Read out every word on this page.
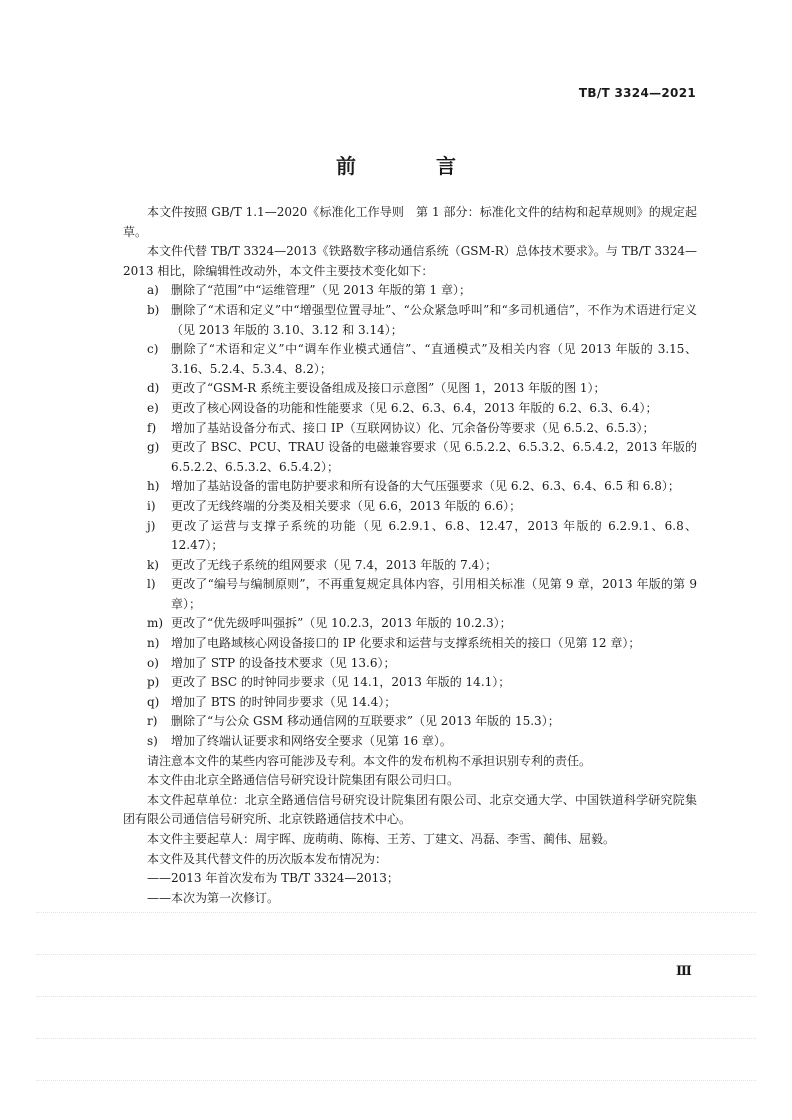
TB/T 3324—2021
前　言

本文件按照 GB/T 1.1—2020《标准化工作导则　第 1 部分：标准化文件的结构和起草规则》的规定起草。

本文件代替 TB/T 3324—2013《铁路数字移动通信系统（GSM-R）总体技术要求》。与 TB/T 3324—2013 相比，除编辑性改动外，本文件主要技术变化如下：

a)	删除了“范围”中“运维管理”（见 2013 年版的第 1 章）；
b) 删除了“术语和定义”中“增强型位置寻址”、“公众紧急呼叫”和“多司机通信”，不作为术语进行定义（见 2013 年版的 3.10、3.12 和 3.14）；
c)	删除了“术语和定义”中“调车作业模式通信”、“直通模式”及相关内容（见 2013 年版的 3.15、3.16、5.2.4、5.3.4、8.2）；
d) 更改了“GSM-R 系统主要设备组成及接口示意图”（见图 1，2013 年版的图 1）；
e)	更改了核心网设备的功能和性能要求（见 6.2、6.3、6.4，2013 年版的 6.2、6.3、6.4）；
f)	增加了基站设备分布式、接口 IP（互联网协议）化、冗余备份等要求（见 6.5.2、6.5.3）；
g) 更改了 BSC、PCU、TRAU 设备的电磁兼容要求（见 6.5.2.2、6.5.3.2、6.5.4.2，2013 年版的 6.5.2.2、6.5.3.2、6.5.4.2）；
h) 增加了基站设备的雷电防护要求和所有设备的大气压强要求（见 6.2、6.3、6.4、6.5 和 6.8）；
i)	更改了无线终端的分类及相关要求（见 6.6，2013 年版的 6.6）；
j)	更改了运营与支撑子系统的功能（见 6.2.9.1、6.8、12.47，2013 年版的 6.2.9.1、6.8、12.47）；
k)	更改了无线子系统的组网要求（见 7.4，2013 年版的 7.4）；
l)	更改了“编号与编制原则”，不再重复规定具体内容，引用相关标准（见第 9 章，2013 年版的第 9 章）；
m) 更改了“优先级呼叫强拆”（见 10.2.3，2013 年版的 10.2.3）；
n) 增加了电路域核心网设备接口的 IP 化要求和运营与支撑系统相关的接口（见第 12 章）；
o)	增加了 STP 的设备技术要求（见 13.6）；
p) 更改了 BSC 的时钟同步要求（见 14.1，2013 年版的 14.1）；
q) 增加了 BTS 的时钟同步要求（见 14.4）；
r)	删除了“与公众 GSM 移动通信网的互联要求”（见 2013 年版的 15.3）；
s)	增加了终端认证要求和网络安全要求（见第 16 章）。

请注意本文件的某些内容可能涉及专利。本文件的发布机构不承担识别专利的责任。

本文件由北京全路通信信号研究设计院集团有限公司归口。

本文件起草单位：北京全路通信信号研究设计院集团有限公司、北京交通大学、中国铁道科学研究院集团有限公司通信信号研究所、北京铁路通信技术中心。

本文件主要起草人：周宇晖、庞萌萌、陈梅、王芳、丁建文、冯磊、李雪、蔺伟、屈毅。

本文件及其代替文件的历次版本发布情况为：

——2013 年首次发布为 TB/T 3324—2013；

——本次为第一次修订。

Ⅲ
